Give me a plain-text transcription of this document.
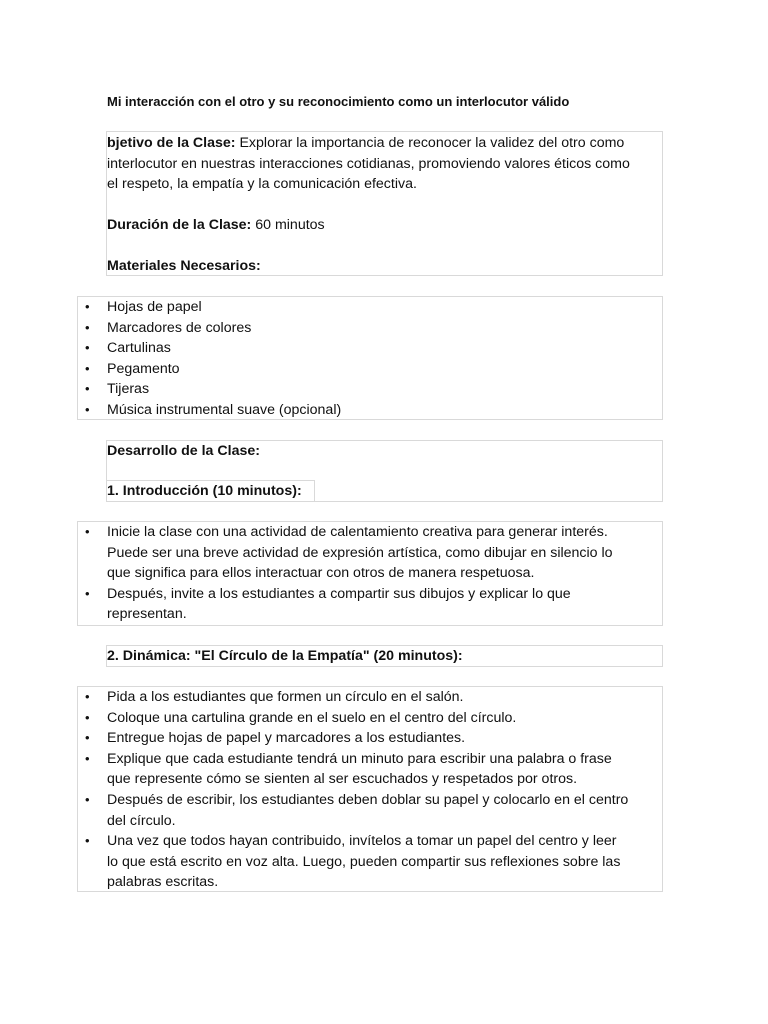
Mi interacción con el otro y su reconocimiento como un interlocutor válido
bjetivo de la Clase: Explorar la importancia de reconocer la validez del otro como
interlocutor en nuestras interacciones cotidianas, promoviendo valores éticos como
el respeto, la empatía y la comunicación efectiva.
Duración de la Clase: 60 minutos
Materiales Necesarios:
• Hojas de papel
• Marcadores de colores
• Cartulinas
• Pegamento
• Tijeras
• Música instrumental suave (opcional)
Desarrollo de la Clase:
1. Introducción (10 minutos):
• Inicie la clase con una actividad de calentamiento creativa para generar interés.
Puede ser una breve actividad de expresión artística, como dibujar en silencio lo
que significa para ellos interactuar con otros de manera respetuosa.
• Después, invite a los estudiantes a compartir sus dibujos y explicar lo que
representan.
2. Dinámica: "El Círculo de la Empatía" (20 minutos):
• Pida a los estudiantes que formen un círculo en el salón.
• Coloque una cartulina grande en el suelo en el centro del círculo.
• Entregue hojas de papel y marcadores a los estudiantes.
• Explique que cada estudiante tendrá un minuto para escribir una palabra o frase
que represente cómo se sienten al ser escuchados y respetados por otros.
• Después de escribir, los estudiantes deben doblar su papel y colocarlo en el centro
del círculo.
• Una vez que todos hayan contribuido, invítelos a tomar un papel del centro y leer
lo que está escrito en voz alta. Luego, pueden compartir sus reflexiones sobre las
palabras escritas.
